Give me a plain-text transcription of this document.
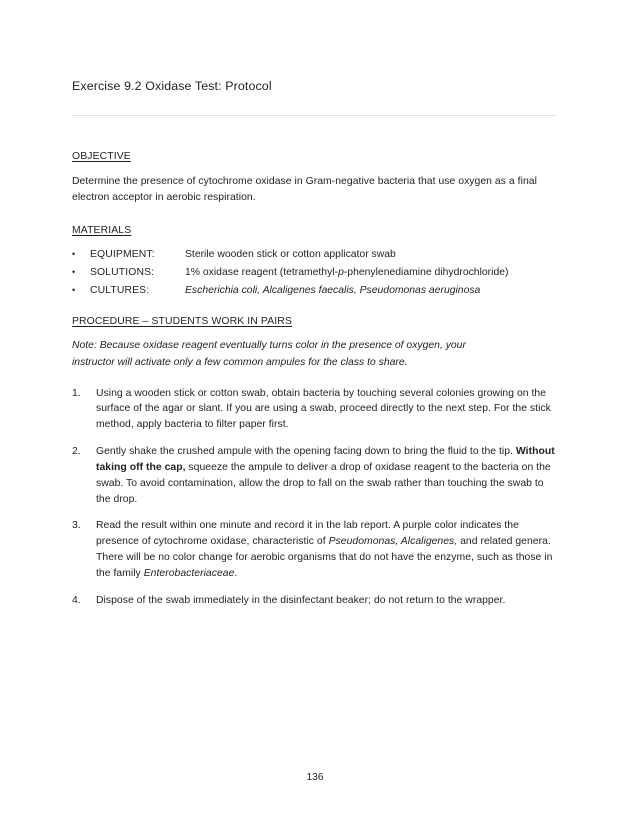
Exercise 9.2 Oxidase Test: Protocol
OBJECTIVE

Determine the presence of cytochrome oxidase in Gram-negative bacteria that use oxygen as a final electron acceptor in aerobic respiration.

MATERIALS
•	EQUIPMENT:	Sterile wooden stick or cotton applicator swab
•	SOLUTIONS:	1% oxidase reagent (tetramethyl-p-phenylenediamine dihydrochloride)
•	CULTURES:	Escherichia coli, Alcaligenes faecalis, Pseudomonas aeruginosa
PROCEDURE – STUDENTS WORK IN PAIRS

Note: Because oxidase reagent eventually turns color in the presence of oxygen, your instructor will activate only a few common ampules for the class to share.

1.	Using a wooden stick or cotton swab, obtain bacteria by touching several colonies growing on the surface of the agar or slant. If you are using a swab, proceed directly to the next step. For the stick method, apply bacteria to filter paper first.
2.	Gently shake the crushed ampule with the opening facing down to bring the fluid to the tip. Without taking off the cap, squeeze the ampule to deliver a drop of oxidase reagent to the bacteria on the swab. To avoid contamination, allow the drop to fall on the swab rather than touching the swab to the drop.
3.	Read the result within one minute and record it in the lab report. A purple color indicates the presence of cytochrome oxidase, characteristic of Pseudomonas, Alcaligenes, and related genera. There will be no color change for aerobic organisms that do not have the enzyme, such as those in the family Enterobacteriaceae.
4.	Dispose of the swab immediately in the disinfectant beaker; do not return to the wrapper.
136
